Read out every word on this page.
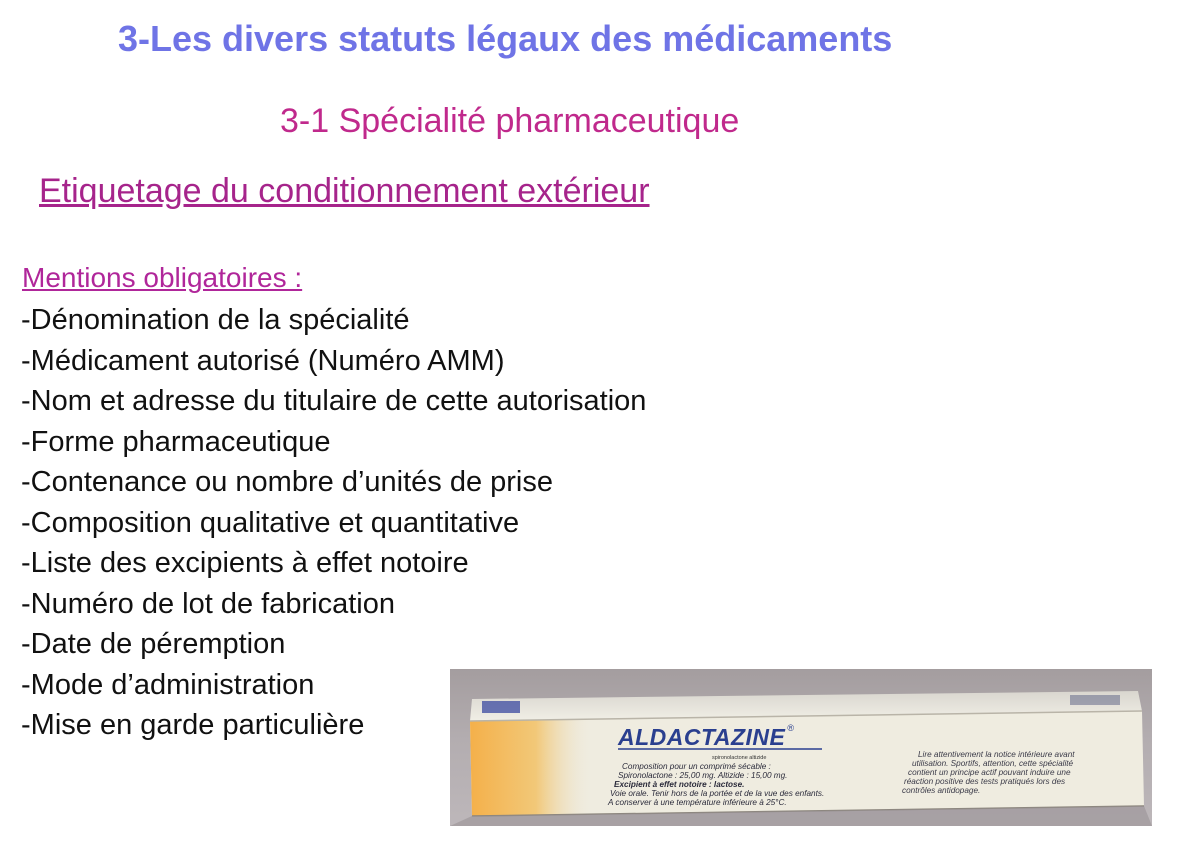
3-Les divers statuts légaux des médicaments
3-1 Spécialité pharmaceutique
Etiquetage du conditionnement extérieur
Mentions obligatoires :
-Dénomination de la spécialité
-Médicament autorisé (Numéro AMM)
-Nom et adresse du titulaire de cette autorisation
-Forme pharmaceutique
-Contenance ou nombre d’unités de prise
-Composition qualitative et quantitative
-Liste des excipients à effet notoire
-Numéro de lot de fabrication
-Date de péremption
-Mode d’administration
-Mise en garde particulière	ALDACTAZINE ®
spironolactone altizide
Composition pour un comprimé sécable :
Spironolactone : 25,00 mg. Altizide : 15,00 mg.
Excipient à effet notoire : lactose.
Voie orale. Tenir hors de la portée et de la vue des enfants.
A conserver à une température inférieure à 25°C.
Lire attentivement la notice intérieure avant
utilisation. Sportifs, attention, cette spécialité
contient un principe actif pouvant induire une
réaction positive des tests pratiqués lors des
contrôles antidopage.
